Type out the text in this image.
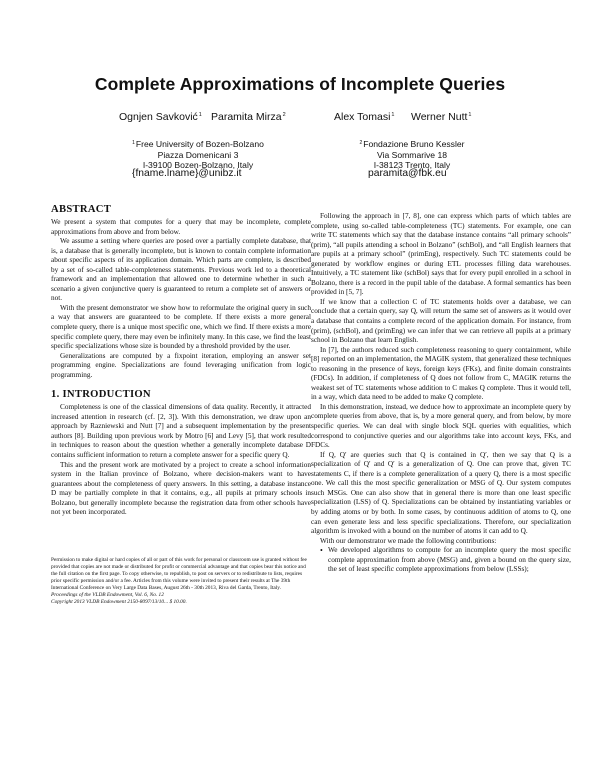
Complete Approximations of Incomplete Queries
Ognjen Savković$^1$ Paramita Mirza$^2$	Alex Tomasi$^1$ Werner Nutt$^1$
$^1$Free University of Bozen-Bolzano
Piazza Domenicani 3
I-39100 Bozen-Bolzano, Italy
{fname.lname}@unibz.it
$^2$Fondazione Bruno Kessler
Via Sommarive 18
I-38123 Trento, Italy
paramita@fbk.eu
ABSTRACT

We present a system that computes for a query that may be incomplete, complete approximations from above and from below.

We assume a setting where queries are posed over a partially complete database, that is, a database that is generally incomplete, but is known to contain complete information about specific aspects of its application domain. Which parts are complete, is described by a set of so-called table-completeness statements. Previous work led to a theoretical framework and an implementation that allowed one to determine whether in such a scenario a given conjunctive query is guaranteed to return a complete set of answers or not.

With the present demonstrator we show how to reformulate the original query in such a way that answers are guaranteed to be complete. If there exists a more general complete query, there is a unique most specific one, which we find. If there exists a more specific complete query, there may even be infinitely many. In this case, we find the least specific specializations whose size is bounded by a threshold provided by the user.

Generalizations are computed by a fixpoint iteration, employing an answer set programming engine. Specializations are found leveraging unification from logic programming.

1. INTRODUCTION

Completeness is one of the classical dimensions of data quality. Recently, it attracted increased attention in research (cf. [2, 3]). With this demonstration, we draw upon an approach by Razniewski and Nutt [7] and a subsequent implementation by the present authors [8]. Building upon previous work by Motro [6] and Levy [5], that work resulted in techniques to reason about the question whether a generally incomplete database D contains sufficient information to return a complete answer for a specific query Q.

This and the present work are motivated by a project to create a school information system in the Italian province of Bolzano, where decision-makers want to have guarantees about the completeness of query answers. In this setting, a database instance D may be partially complete in that it contains, e.g., all pupils at primary schools in Bolzano, but generally incomplete because the registration data from other schools have not yet been incorporated.

Permission to make digital or hard copies of all or part of this work for personal or classroom use is granted without fee provided that copies are not made or distributed for profit or commercial advantage and that copies bear this notice and the full citation on the first page. To copy otherwise, to republish, to post on servers or to redistribute to lists, requires prior specific permission and/or a fee. Articles from this volume were invited to present their results at The 39th International Conference on Very Large Data Bases, August 26th - 30th 2013, Riva del Garda, Trento, Italy.

Proceedings of the VLDB Endowment, Vol. 6, No. 12

Copyright 2013 VLDB Endowment 2150-8097/13/10... $ 10.00.

Following the approach in [7, 8], one can express which parts of which tables are complete, using so-called table-completeness (TC) statements. For example, one can write TC statements which say that the database instance contains “all primary schools” (prim), “all pupils attending a school in Bolzano” (schBol), and “all English learners that are pupils at a primary school” (primEng), respectively. Such TC statements could be generated by workflow engines or during ETL processes filling data warehouses. Intuitively, a TC statement like (schBol) says that for every pupil enrolled in a school in Bolzano, there is a record in the pupil table of the database. A formal semantics has been provided in [5, 7].

If we know that a collection C of TC statements holds over a database, we can conclude that a certain query, say Q, will return the same set of answers as it would over a database that contains a complete record of the application domain. For instance, from (prim), (schBol), and (primEng) we can infer that we can retrieve all pupils at a primary school in Bolzano that learn English.

In [7], the authors reduced such completeness reasoning to query containment, while [8] reported on an implementation, the MAGIK system, that generalized these techniques to reasoning in the presence of keys, foreign keys (FKs), and finite domain constraints (FDCs). In addition, if completeness of Q does not follow from C, MAGIK returns the weakest set of TC statements whose addition to C makes Q complete. Thus it would tell, in a way, which data need to be added to make Q complete.

In this demonstration, instead, we deduce how to approximate an incomplete query by complete queries from above, that is, by a more general query, and from below, by more specific queries. We can deal with single block SQL queries with equalities, which correspond to conjunctive queries and our algorithms take into account keys, FKs, and FDCs.

If Q, Q′ are queries such that Q is contained in Q′, then we say that Q is a specialization of Q′ and Q′ is a generalization of Q. One can prove that, given TC statements C, if there is a complete generalization of a query Q, there is a most specific one. We call this the most specific generalization or MSG of Q. Our system computes such MSGs. One can also show that in general there is more than one least specific specialization (LSS) of Q. Specializations can be obtained by instantiating variables or by adding atoms or by both. In some cases, by continuous addition of atoms to Q, one can even generate less and less specific specializations. Therefore, our specialization algorithm is invoked with a bound on the number of atoms it can add to Q.

With our demonstrator we made the following contributions:

• We developed algorithms to compute for an incomplete query the most specific complete approximation from above (MSG) and, given a bound on the query size, the set of least specific complete approximations from below (LSSs);
